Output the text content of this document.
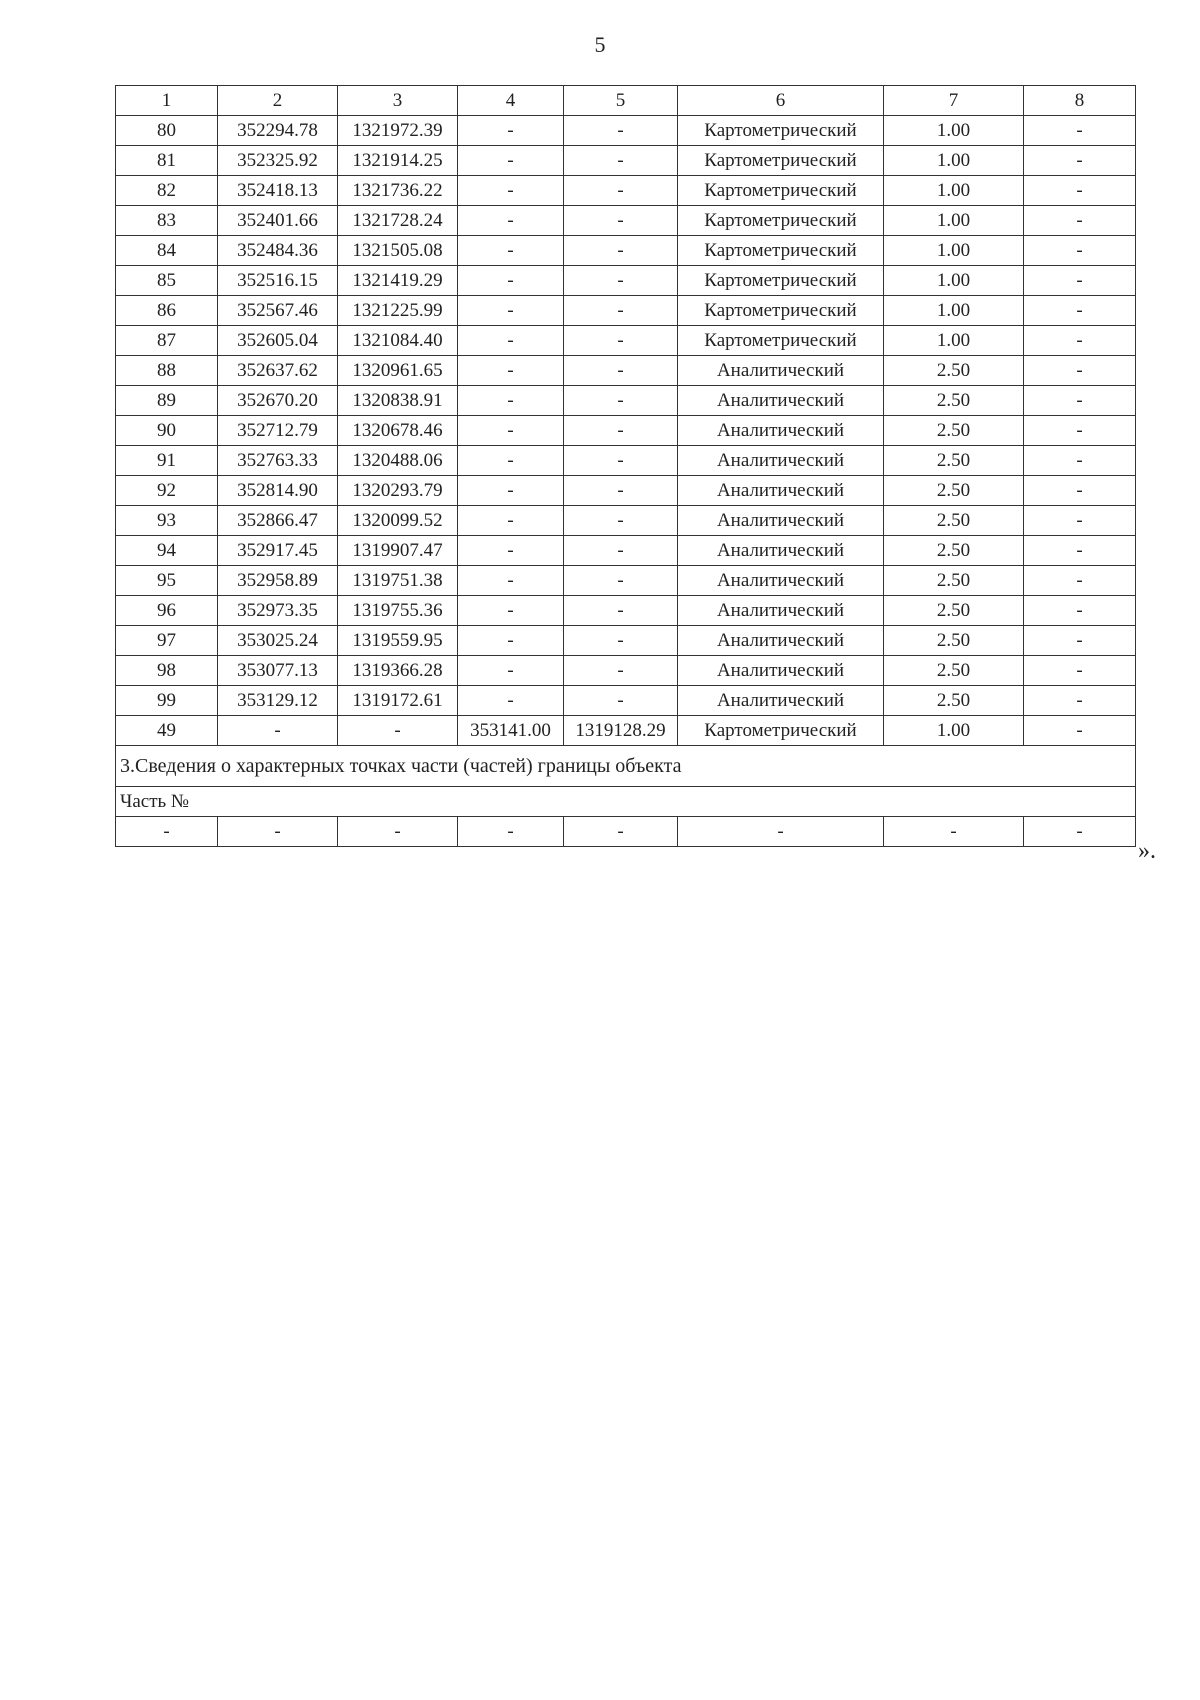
5
1	2	3	4	5	6	7	8
80	352294.78	1321972.39	-	-	Картометрический	1.00	-
81	352325.92	1321914.25	-	-	Картометрический	1.00	-
82	352418.13	1321736.22	-	-	Картометрический	1.00	-
83	352401.66	1321728.24	-	-	Картометрический	1.00	-
84	352484.36	1321505.08	-	-	Картометрический	1.00	-
85	352516.15	1321419.29	-	-	Картометрический	1.00	-
86	352567.46	1321225.99	-	-	Картометрический	1.00	-
87	352605.04	1321084.40	-	-	Картометрический	1.00	-
88	352637.62	1320961.65	-	-	Аналитический	2.50	-
89	352670.20	1320838.91	-	-	Аналитический	2.50	-
90	352712.79	1320678.46	-	-	Аналитический	2.50	-
91	352763.33	1320488.06	-	-	Аналитический	2.50	-
92	352814.90	1320293.79	-	-	Аналитический	2.50	-
93	352866.47	1320099.52	-	-	Аналитический	2.50	-
94	352917.45	1319907.47	-	-	Аналитический	2.50	-
95	352958.89	1319751.38	-	-	Аналитический	2.50	-
96	352973.35	1319755.36	-	-	Аналитический	2.50	-
97	353025.24	1319559.95	-	-	Аналитический	2.50	-
98	353077.13	1319366.28	-	-	Аналитический	2.50	-
99	353129.12	1319172.61	-	-	Аналитический	2.50	-
49	-	-	353141.00	1319128.29	Картометрический	1.00	-
3.Сведения о характерных точках части (частей) границы объекта							
Часть №							
-	-	-	-	-	-	-	-
».
